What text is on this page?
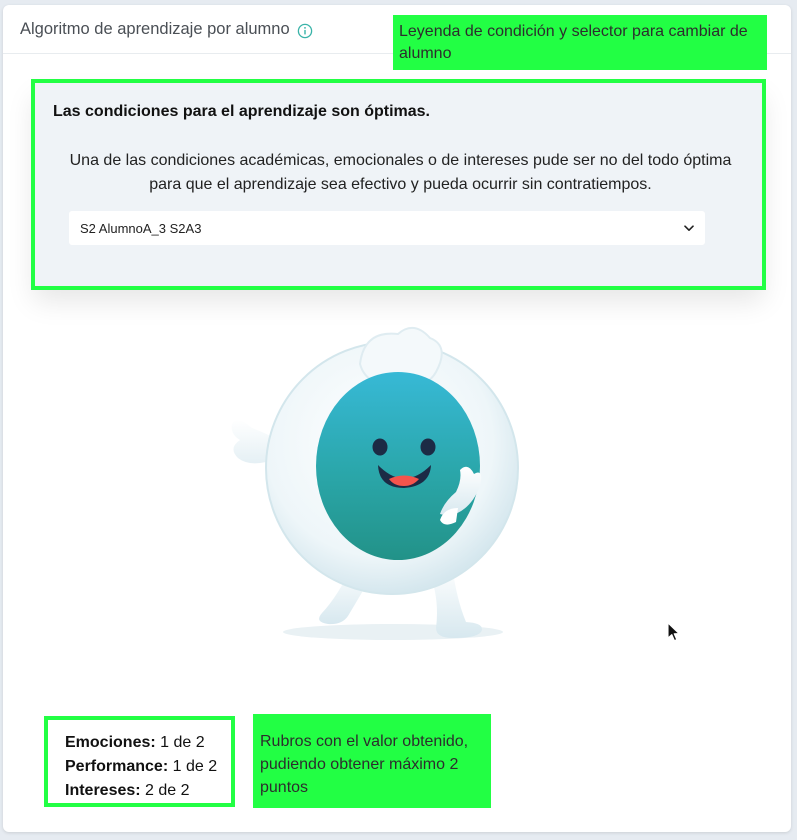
Algoritmo de aprendizaje por alumno	Leyenda de condición y selector para cambiar de alumno
Las condiciones para el aprendizaje son óptimas.
Una de las condiciones académicas, emocionales o de intereses pude ser no del todo óptima para que el aprendizaje sea efectivo y pueda ocurrir sin contratiempos.
S2 AlumnoA_3 S2A3
Emociones: 1 de 2
Performance: 1 de 2
Intereses: 2 de 2
Rubros con el valor obtenido, pudiendo obtener máximo 2 puntos
